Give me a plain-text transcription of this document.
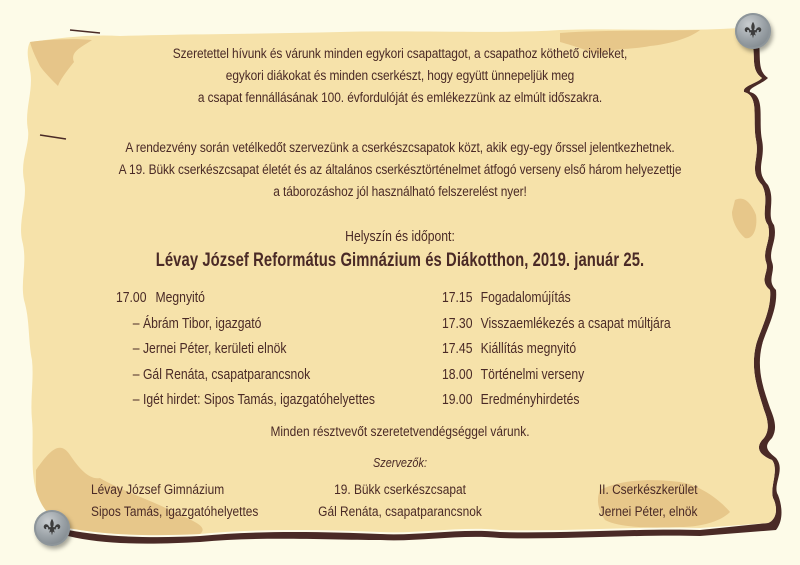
Szeretettel hívunk és várunk minden egykori csapattagot, a csapathoz köthető civileket,
egykori diákokat és minden cserkészt, hogy együtt ünnepeljük meg
a csapat fennállásának 100. évfordulóját és emlékezzünk az elmúlt időszakra.
A rendezvény során vetélkedőt szervezünk a cserkészcsapatok közt, akik egy-egy őrssel jelentkezhetnek.
A 19. Bükk cserkészcsapat életét és az általános cserkésztörténelmet átfogó verseny első három helyezettje
a táborozáshoz jól használható felszerelést nyer!
Helyszín és időpont:
Lévay József Református Gimnázium és Diákotthon, 2019. január 25.
17.00 Megnyitó
– Ábrám Tibor, igazgató
– Jernei Péter, kerületi elnök
– Gál Renáta, csapatparancsnok
– Igét hirdet: Sipos Tamás, igazgatóhelyettes
17.15 Fogadalomújítás
17.30 Visszaemlékezés a csapat múltjára
17.45 Kiállítás megnyitó
18.00 Történelmi verseny
19.00 Eredményhirdetés
Minden résztvevőt szeretetvendégséggel várunk.
Szervezők:
Lévay József Gimnázium
Sipos Tamás, igazgatóhelyettes
19. Bükk cserkészcsapat
Gál Renáta, csapatparancsnok
II. Cserkészkerület
Jernei Péter, elnök
